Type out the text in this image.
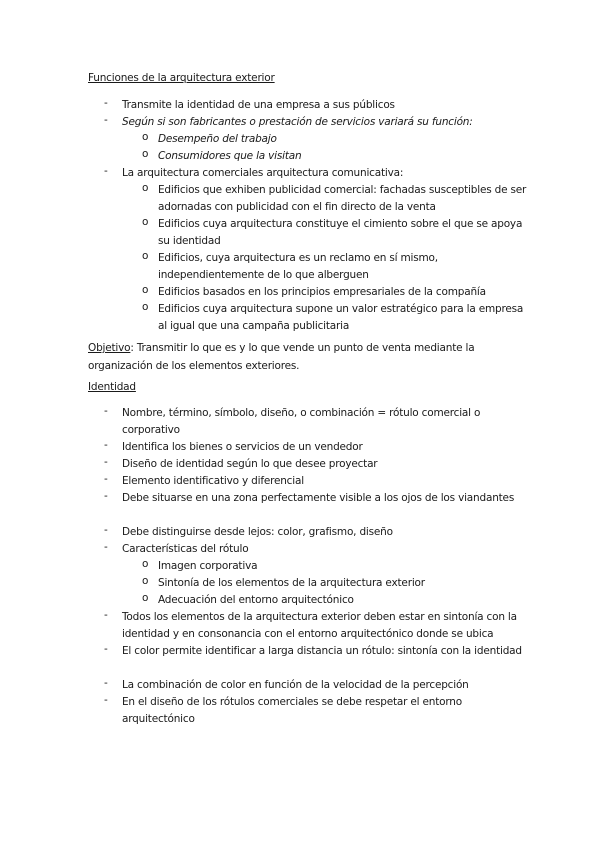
Funciones de la arquitectura exterior
- Transmite la identidad de una empresa a sus públicos
- Según si son fabricantes o prestación de servicios variará su función:
o Desempeño del trabajo
o Consumidores que la visitan
- La arquitectura comerciales arquitectura comunicativa:
o Edificios que exhiben publicidad comercial: fachadas susceptibles de ser adornadas con publicidad con el fin directo de la venta
o Edificios cuya arquitectura constituye el cimiento sobre el que se apoya su identidad
o Edificios, cuya arquitectura es un reclamo en sí mismo, independientemente de lo que alberguen
o Edificios basados en los principios empresariales de la compañía
o Edificios cuya arquitectura supone un valor estratégico para la empresa al igual que una campaña publicitaria
Objetivo: Transmitir lo que es y lo que vende un punto de venta mediante la organización de los elementos exteriores.
Identidad
- Nombre, término, símbolo, diseño, o combinación = rótulo comercial o corporativo
- Identifica los bienes o servicios de un vendedor
- Diseño de identidad según lo que desee proyectar
- Elemento identificativo y diferencial
- Debe situarse en una zona perfectamente visible a los ojos de los viandantes
- Debe distinguirse desde lejos: color, grafismo, diseño
- Características del rótulo
o Imagen corporativa
o Sintonía de los elementos de la arquitectura exterior
o Adecuación del entorno arquitectónico
- Todos los elementos de la arquitectura exterior deben estar en sintonía con la identidad y en consonancia con el entorno arquitectónico donde se ubica
- El color permite identificar a larga distancia un rótulo: sintonía con la identidad
- La combinación de color en función de la velocidad de la percepción
- En el diseño de los rótulos comerciales se debe respetar el entorno arquitectónico
